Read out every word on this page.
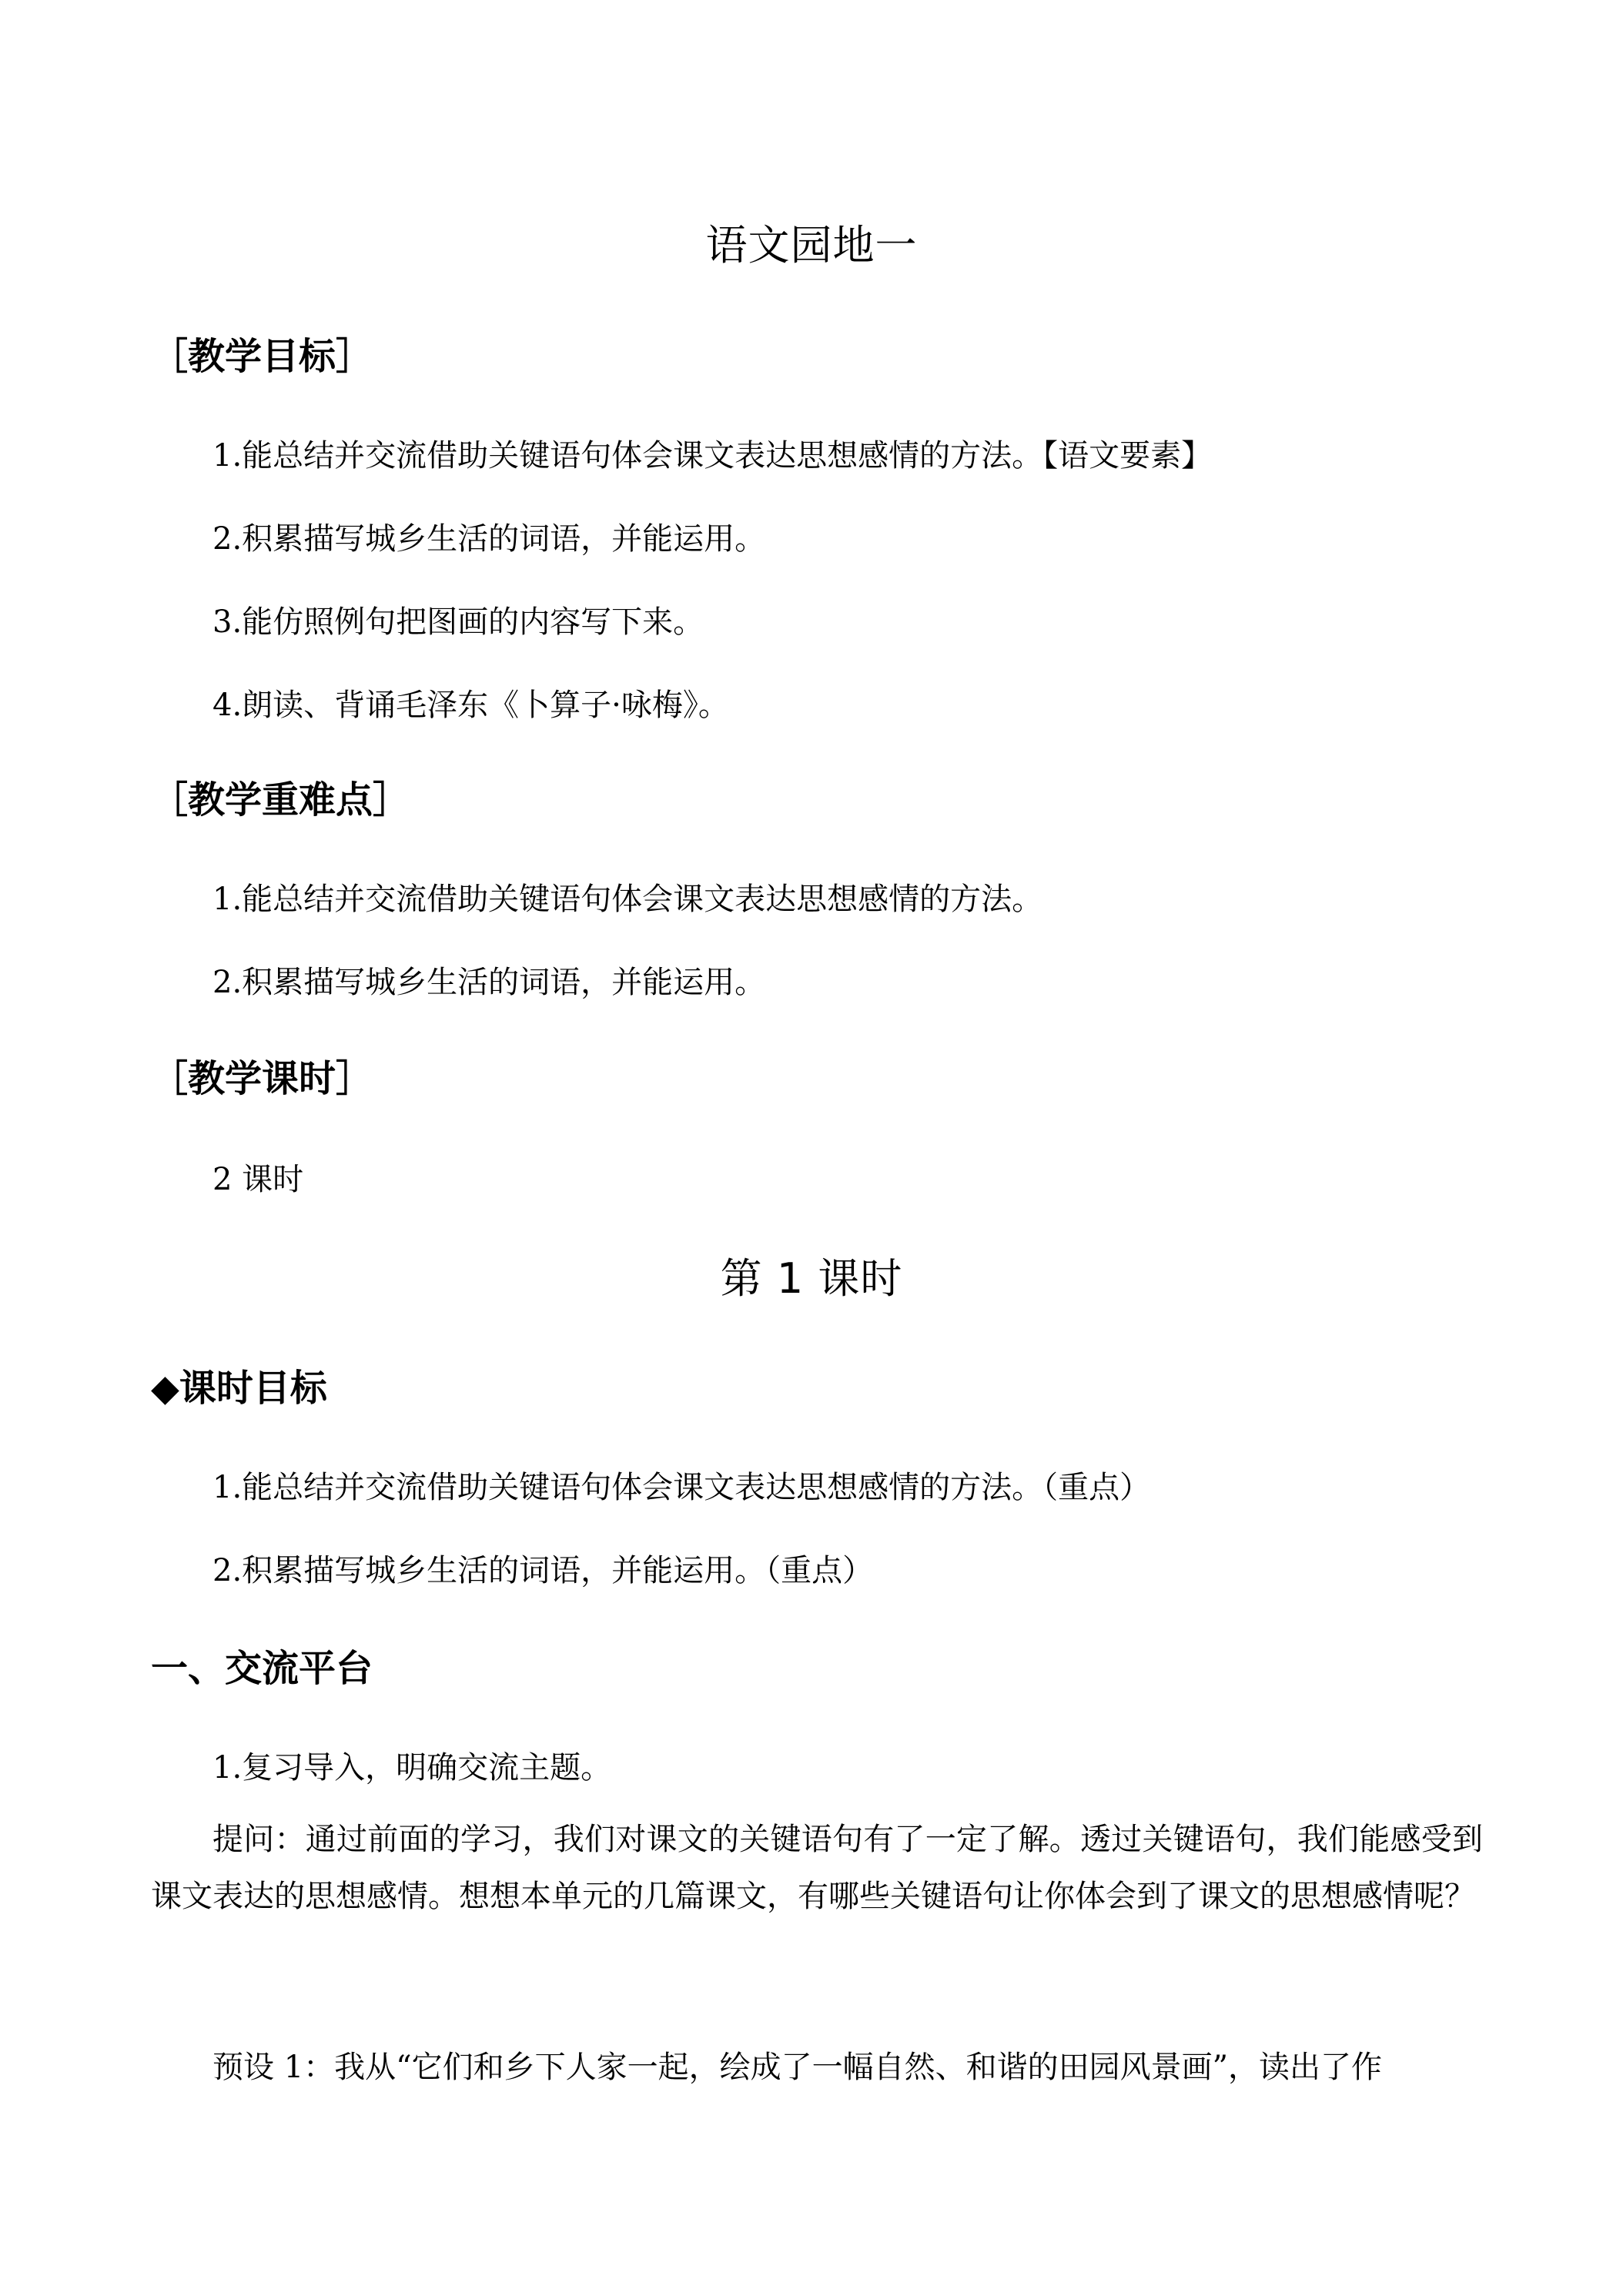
语文园地一
［教学目标］
1.能总结并交流借助关键语句体会课文表达思想感情的方法。【语文要素】
2.积累描写城乡生活的词语，并能运用。
3.能仿照例句把图画的内容写下来。
4.朗读、背诵毛泽东《卜算子·咏梅》。
［教学重难点］
1.能总结并交流借助关键语句体会课文表达思想感情的方法。
2.积累描写城乡生活的词语，并能运用。
［教学课时］
2 课时
第 1 课时
◆课时目标
1.能总结并交流借助关键语句体会课文表达思想感情的方法。（重点）
2.积累描写城乡生活的词语，并能运用。（重点）
一、交流平台
1.复习导入，明确交流主题。
提问：通过前面的学习，我们对课文的关键语句有了一定了解。透过关键语句，我们能感受到课文表达的思想感情。想想本单元的几篇课文，有哪些关键语句让你体会到了课文的思想感情呢？
预设 1：我从“它们和乡下人家一起，绘成了一幅自然、和谐的田园风景画”，读出了作
